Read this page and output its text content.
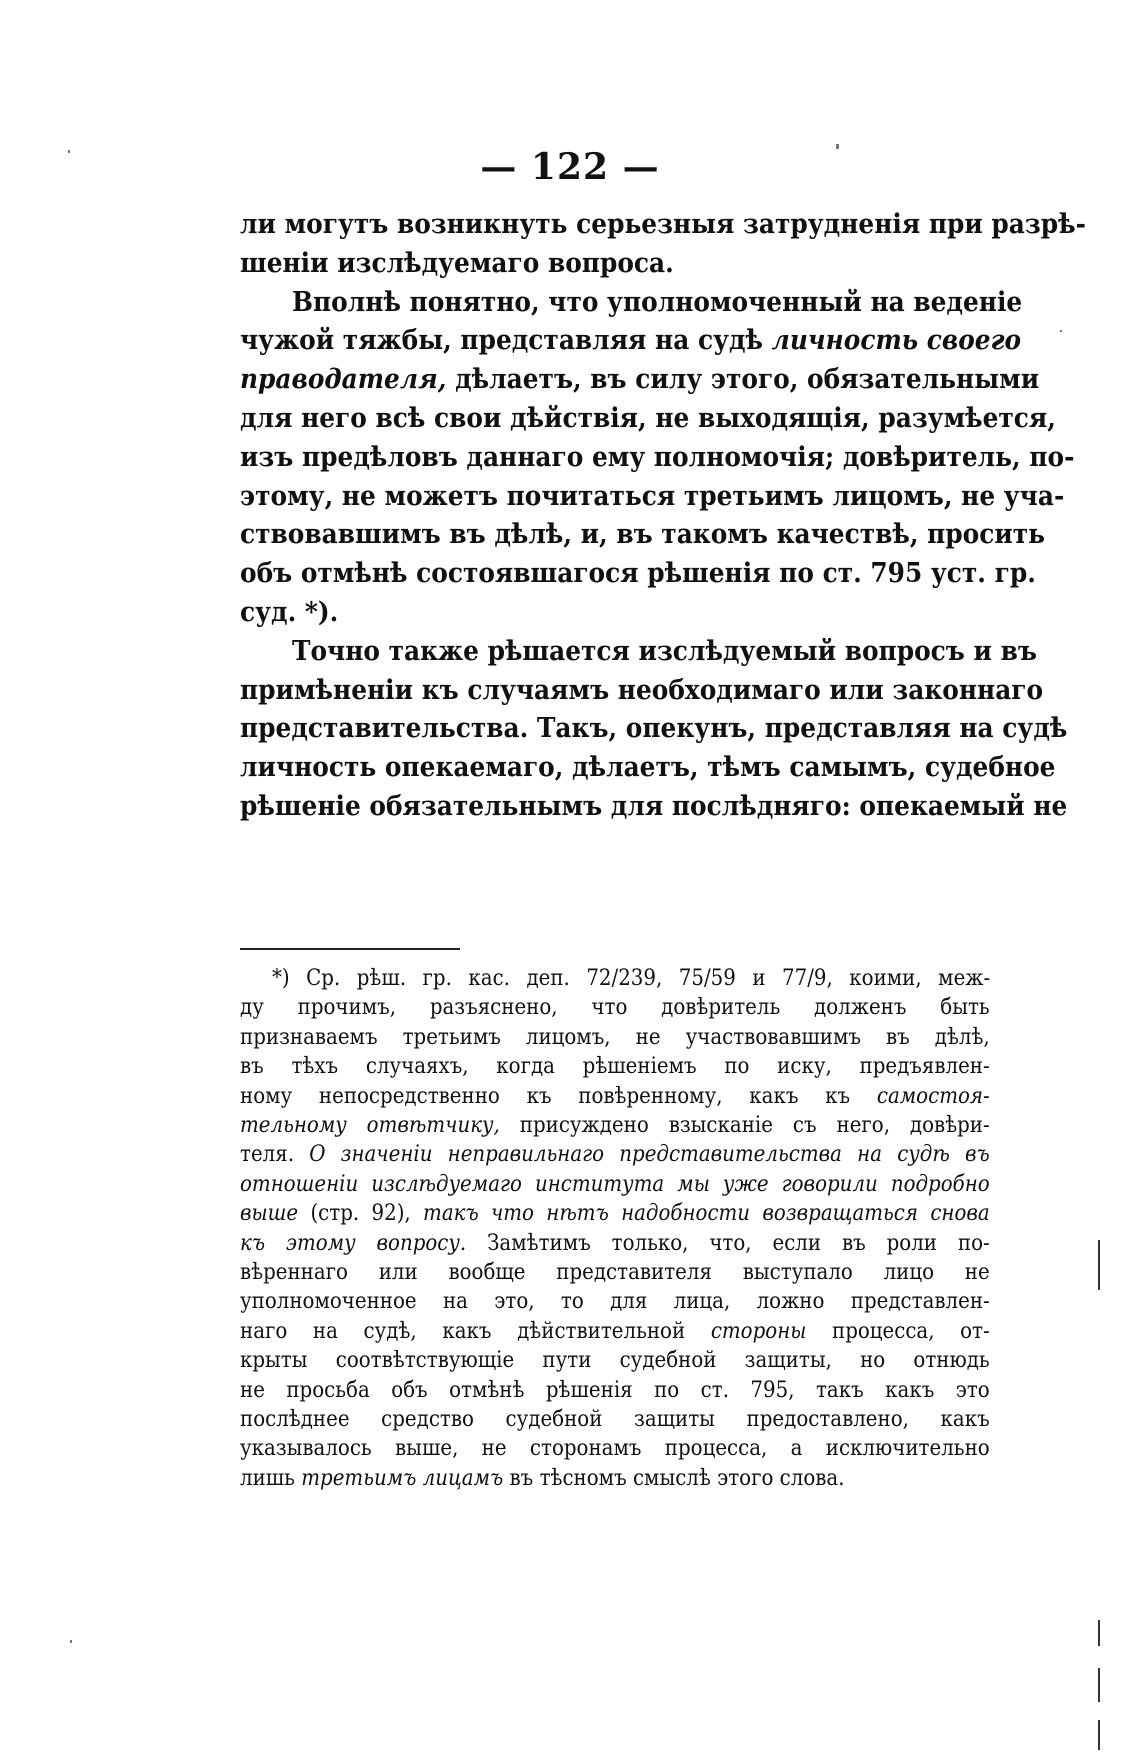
— 122 —
ли могутъ возникнуть серьезныя затрудненія при разрѣ-
шеніи изслѣдуемаго вопроса.
Вполнѣ понятно, что уполномоченный на веденіе
чужой тяжбы, представляя на судѣ личность своего
праводателя, дѣлаетъ, въ силу этого, обязательными
для него всѣ свои дѣйствія, не выходящія, разумѣется,
изъ предѣловъ даннаго ему полномочія; довѣритель, по-
этому, не можетъ почитаться третьимъ лицомъ, не уча-
ствовавшимъ въ дѣлѣ, и, въ такомъ качествѣ, просить
объ отмѣнѣ состоявшагося рѣшенія по ст. 795 уст. гр.
суд. *).
Точно также рѣшается изслѣдуемый вопросъ и въ
примѣненіи къ случаямъ необходимаго или законнаго
представительства. Такъ, опекунъ, представляя на судѣ
личность опекаемаго, дѣлаетъ, тѣмъ самымъ, судебное
рѣшеніе обязательнымъ для послѣдняго: опекаемый не
*) Ср. рѣш. гр. кас. деп. 72/239, 75/59 и 77/9, коими, меж-
ду прочимъ, разъяснено, что довѣритель долженъ быть
признаваемъ третьимъ лицомъ, не участвовавшимъ въ дѣлѣ,
въ тѣхъ случаяхъ, когда рѣшеніемъ по иску, предъявлен-
ному непосредственно къ повѣренному, какъ къ самостоя-
тельному отвѣтчику, присуждено взысканіе съ него, довѣри-
теля. О значеніи неправильнаго представительства на судѣ въ
отношеніи изслѣдуемаго института мы уже говорили подробно
выше (стр. 92), такъ что нѣтъ надобности возвращаться снова
къ этому вопросу. Замѣтимъ только, что, если въ роли по-
вѣреннаго или вообще представителя выступало лицо не
уполномоченное на это, то для лица, ложно представлен-
наго на судѣ, какъ дѣйствительной стороны процесса, от-
крыты соотвѣтствующіе пути судебной защиты, но отнюдь
не просьба объ отмѣнѣ рѣшенія по ст. 795, такъ какъ это
послѣднее средство судебной защиты предоставлено, какъ
указывалось выше, не сторонамъ процесса, а исключительно
лишь третьимъ лицамъ въ тѣсномъ смыслѣ этого слова.
